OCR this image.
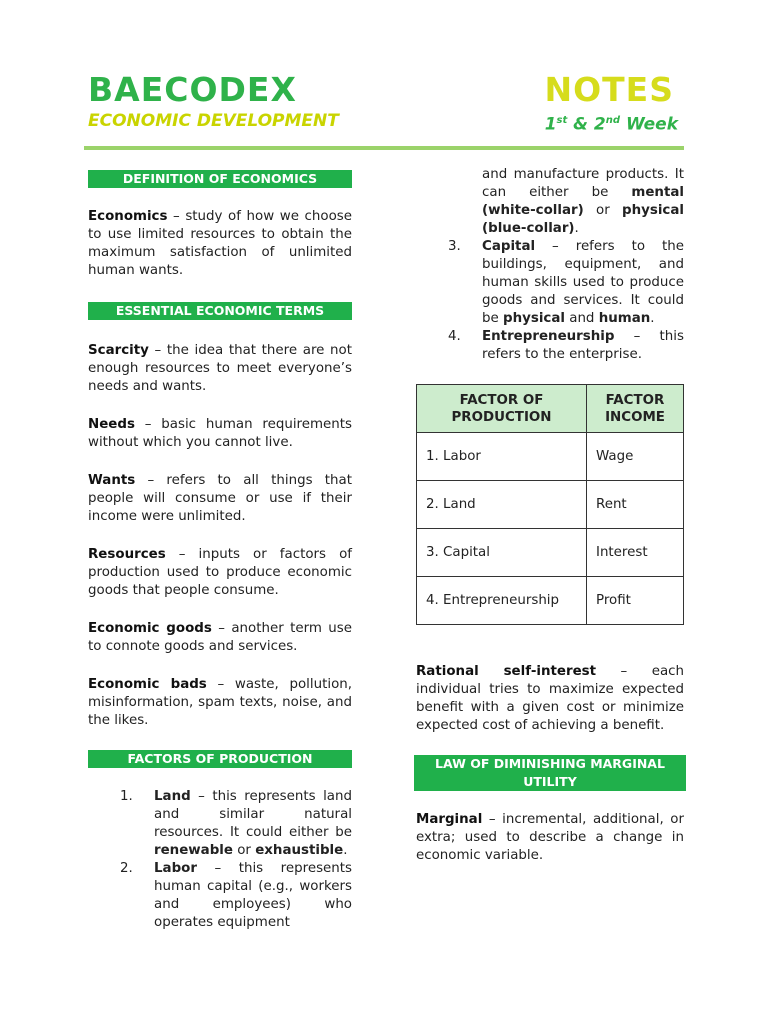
BAECODEX
ECONOMIC DEVELOPMENT
NOTES
1st & 2nd Week
DEFINITION OF ECONOMICS

Economics – study of how we choose to use limited resources to obtain the maximum satisfaction of unlimited human wants.

ESSENTIAL ECONOMIC TERMS

Scarcity – the idea that there are not enough resources to meet everyone’s needs and wants.

Needs – basic human requirements without which you cannot live.

Wants – refers to all things that people will consume or use if their income were unlimited.

Resources – inputs or factors of production used to produce economic goods that people consume.

Economic goods – another term use to connote goods and services.

Economic bads – waste, pollution, misinformation, spam texts, noise, and the likes.

FACTORS OF PRODUCTION
1. Land – this represents land and similar natural resources. It could either be renewable or exhaustible.
2. Labor – this represents human capital (e.g., workers and employees) who operates equipment
and manufacture products. It can either be mental (white-collar) or physical (blue-collar).
3. Capital – refers to the buildings, equipment, and human skills used to produce goods and services. It could be physical and human.
4. Entrepreneurship – this refers to the enterprise.
FACTOR OF PRODUCTION	FACTOR INCOME
1. Labor	Wage
2. Land	Rent
3. Capital	Interest
4. Entrepreneurship	Profit

Rational self-interest – each individual tries to maximize expected benefit with a given cost or minimize expected cost of achieving a benefit.

LAW OF DIMINISHING MARGINAL UTILITY

Marginal – incremental, additional, or extra; used to describe a change in economic variable.
